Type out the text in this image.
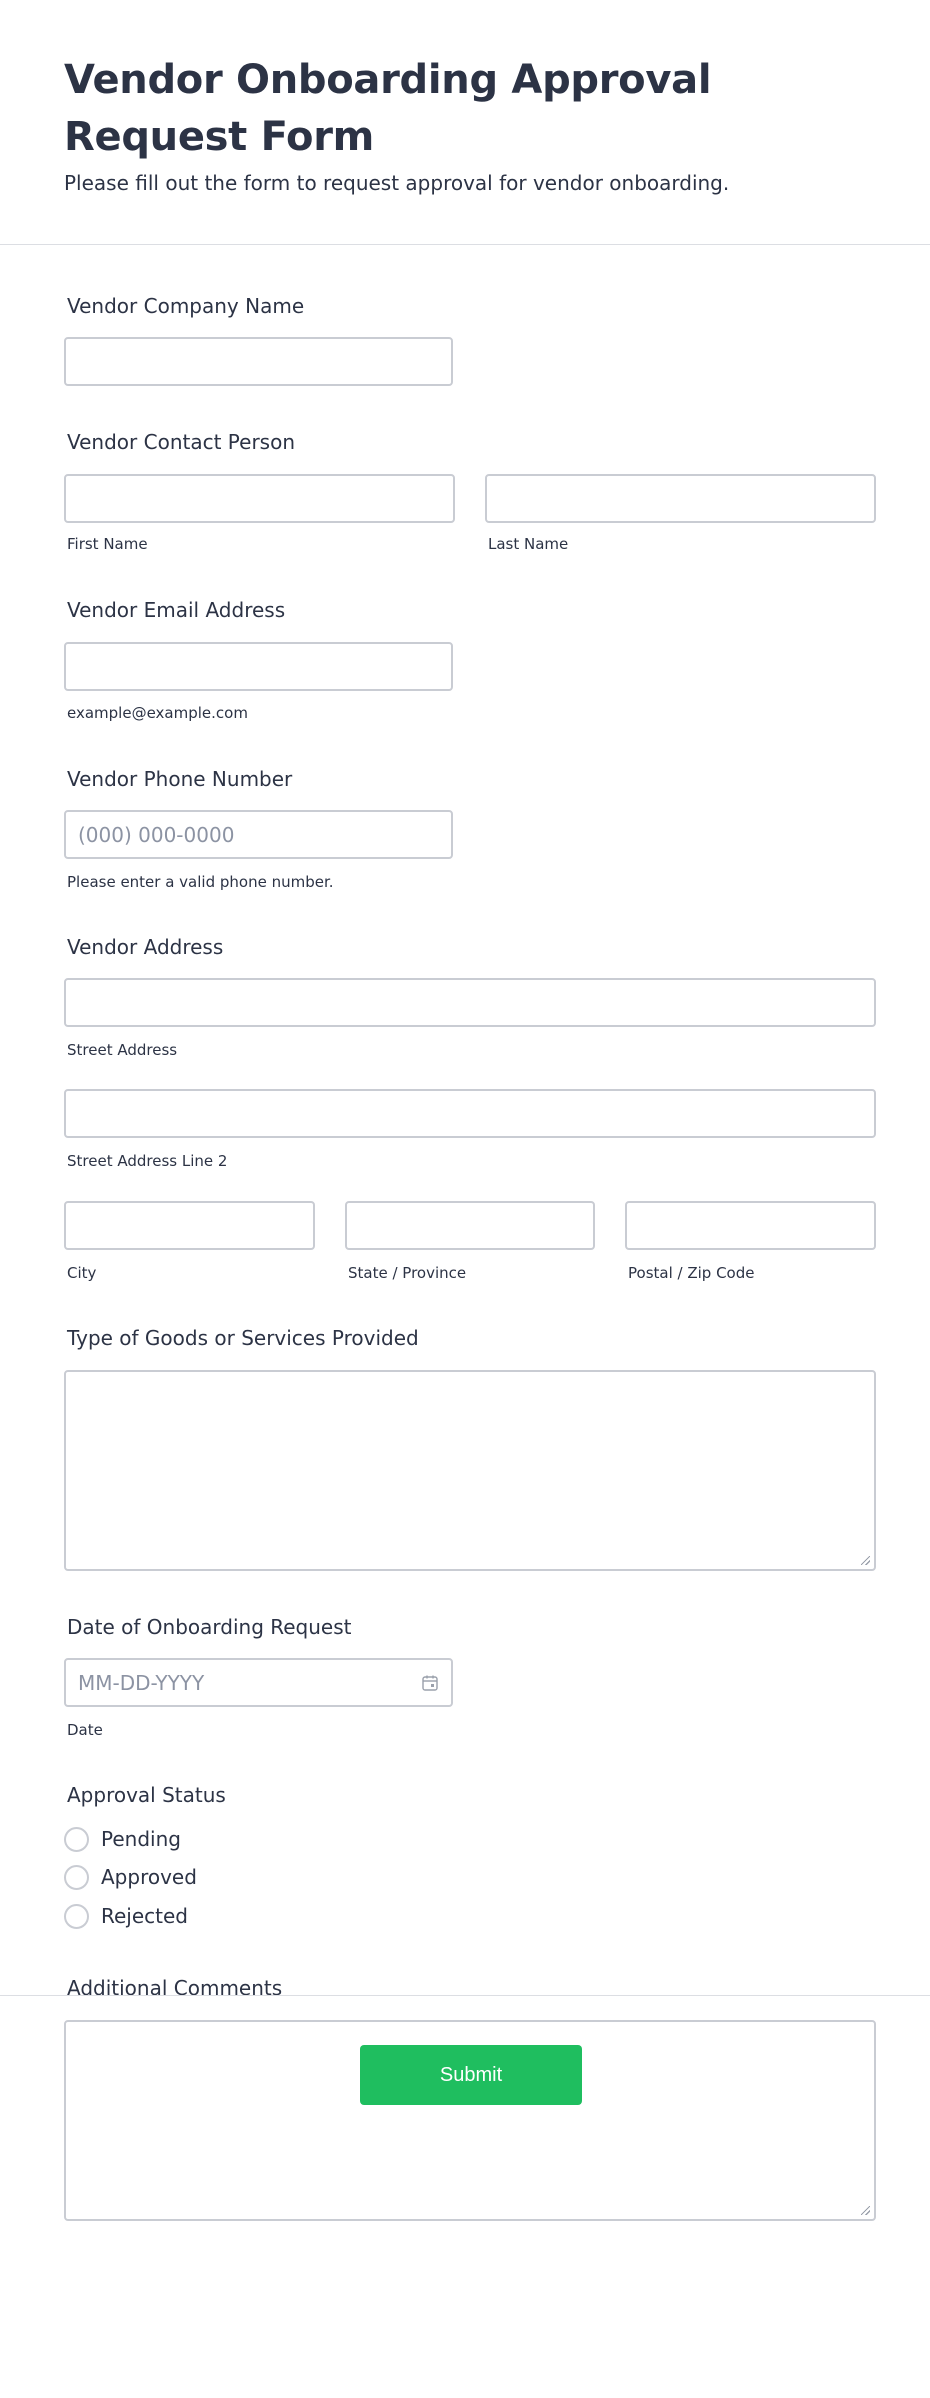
Vendor Onboarding Approval Request Form
Please fill out the form to request approval for vendor onboarding.
Vendor Company Name
Vendor Contact Person
First Name	Last Name
Vendor Email Address
example@example.com
Vendor Phone Number
(000) 000-0000
Please enter a valid phone number.
Vendor Address
Street Address
Street Address Line 2
City	State / Province	Postal / Zip Code
Type of Goods or Services Provided
Date of Onboarding Request
MM-DD-YYYY
Date
Approval Status
Pending
Approved
Rejected
Additional Comments
Submit
